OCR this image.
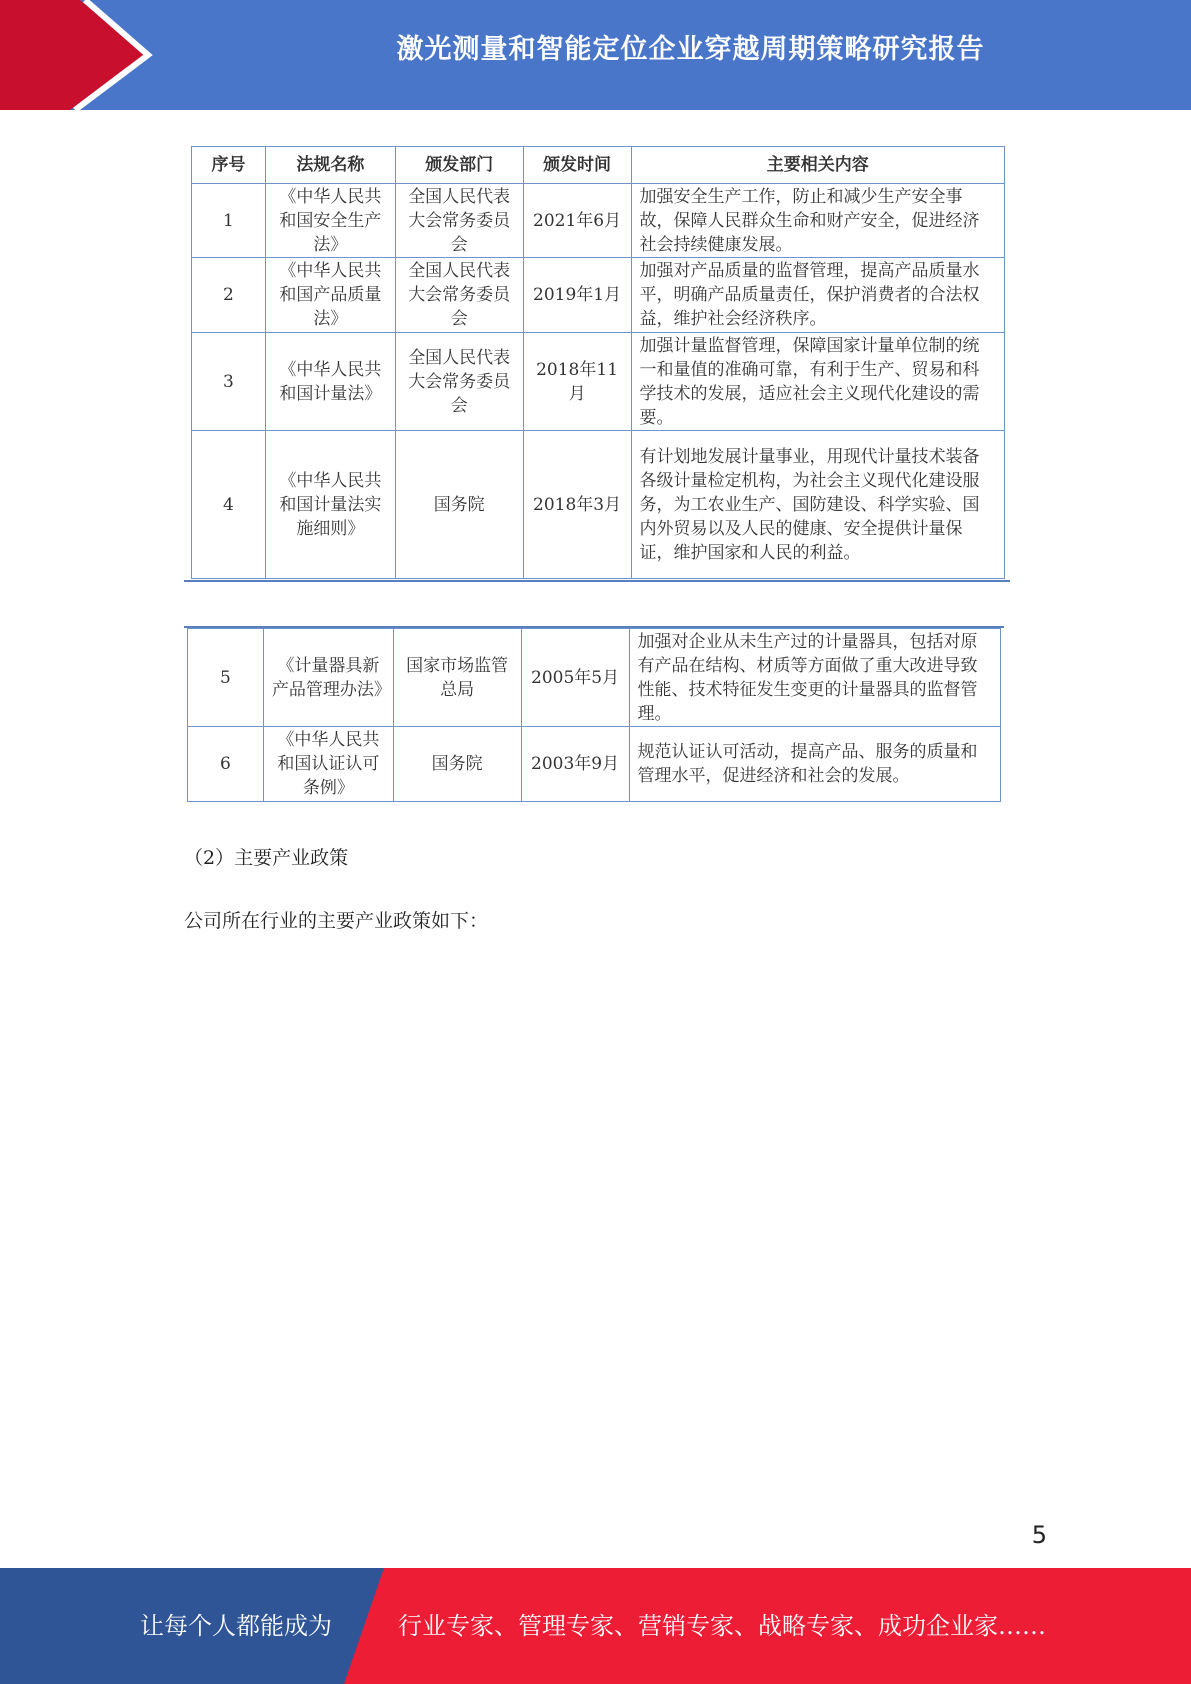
激光测量和智能定位企业穿越周期策略研究报告
序号	法规名称	颁发部门	颁发时间	主要相关内容
1	《中华人民共和国安全生产法》	全国人民代表大会常务委员会	2021年6月	加强安全生产工作，防止和减少生产安全事故，保障人民群众生命和财产安全，促进经济社会持续健康发展。
2	《中华人民共和国产品质量法》	全国人民代表大会常务委员会	2019年1月	加强对产品质量的监督管理，提高产品质量水平，明确产品质量责任，保护消费者的合法权益，维护社会经济秩序。
3	《中华人民共和国计量法》	全国人民代表大会常务委员会	2018年11月	加强计量监督管理，保障国家计量单位制的统一和量值的准确可靠，有利于生产、贸易和科学技术的发展，适应社会主义现代化建设的需要。
4	《中华人民共和国计量法实施细则》	国务院	2018年3月	有计划地发展计量事业，用现代计量技术装备各级计量检定机构，为社会主义现代化建设服务，为工农业生产、国防建设、科学实验、国内外贸易以及人民的健康、安全提供计量保证，维护国家和人民的利益。
5	《计量器具新产品管理办法》	国家市场监管总局	2005年5月	加强对企业从未生产过的计量器具，包括对原有产品在结构、材质等方面做了重大改进导致性能、技术特征发生变更的计量器具的监督管理。
6	《中华人民共和国认证认可条例》	国务院	2003年9月	规范认证认可活动，提高产品、服务的质量和管理水平，促进经济和社会的发展。
（2）主要产业政策
公司所在行业的主要产业政策如下：
5
让每个人都能成为	行业专家、管理专家、营销专家、战略专家、成功企业家……
